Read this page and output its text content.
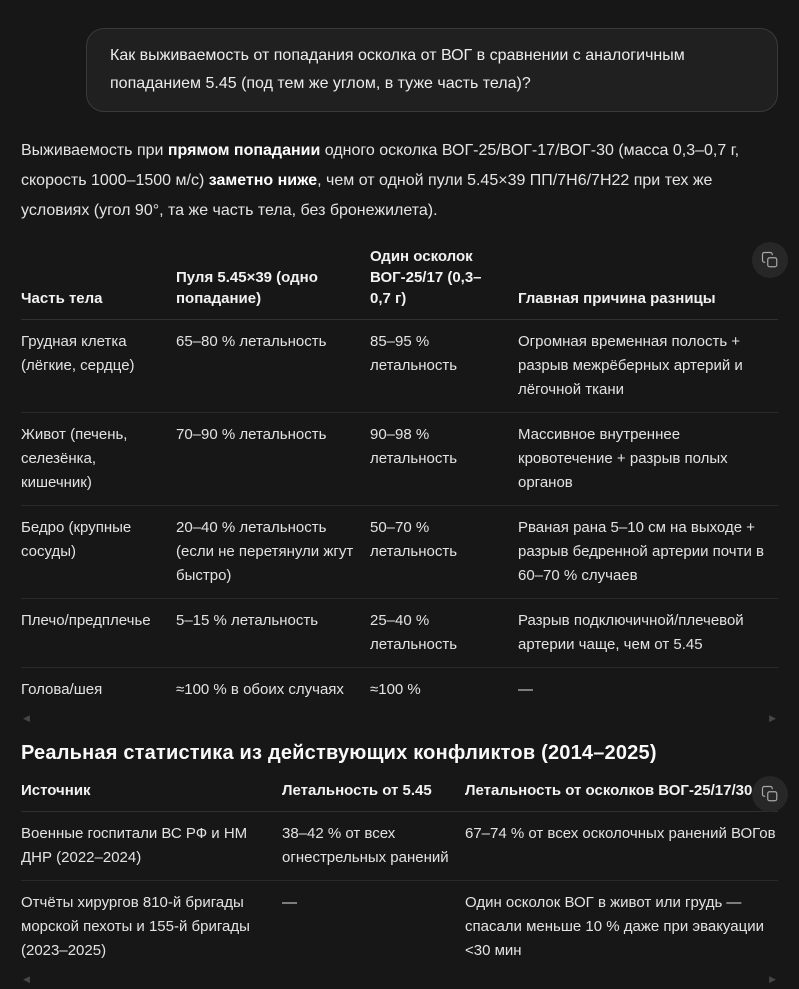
Как выживаемость от попадания осколка от ВОГ в сравнении с аналогичным попаданием 5.45 (под тем же углом, в туже часть тела)?

Выживаемость при прямом попадании одного осколка ВОГ-25/ВОГ-17/ВОГ-30 (масса 0,3–0,7 г, скорость 1000–1500 м/с) заметно ниже, чем от одной пули 5.45×39 ПП/7Н6/7Н22 при тех же условиях (угол 90°, та же часть тела, без бронежилета).

Часть тела	Пуля 5.45×39 (одно попадание)	Один осколок ВОГ-25/17 (0,3–0,7 г)	Главная причина разницы
Грудная клетка (лёгкие, сердце)	65–80 % летальность	85–95 % летальность	Огромная временная полость + разрыв межрёберных артерий и лёгочной ткани
Живот (печень, селезёнка, кишечник)	70–90 % летальность	90–98 % летальность	Массивное внутреннее кровотечение + разрыв полых органов
Бедро (крупные сосуды)	20–40 % летальность (если не перетянули жгут быстро)	50–70 % летальность	Рваная рана 5–10 см на выходе + разрыв бедренной артерии почти в 60–70 % случаев
Плечо/предплечье	5–15 % летальность	25–40 % летальность	Разрыв подключичной/плечевой артерии чаще, чем от 5.45
Голова/шея	≈100 % в обоих случаях	≈100 %	—
◀	▶
Реальная статистика из действующих конфликтов (2014–2025)
Источник	Летальность от 5.45	Летальность от осколков ВОГ-25/17/30
Военные госпитали ВС РФ и НМ ДНР (2022–2024)	38–42 % от всех огнестрельных ранений	67–74 % от всех осколочных ранений ВОГов
Отчёты хирургов 810-й бригады морской пехоты и 155-й бригады (2023–2025)	—	Один осколок ВОГ в живот или грудь — спасали меньше 10 % даже при эвакуации <30 мин
◀	▶
